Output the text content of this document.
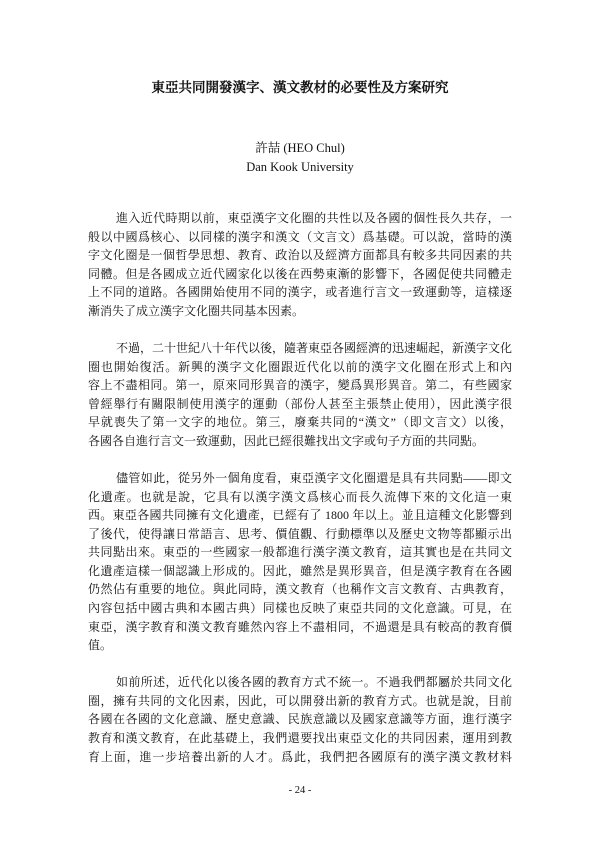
東亞共同開發漢字、漢文教材的必要性及方案研究
許喆 (HEO Chul)
Dan Kook University
進入近代時期以前，東亞漢字文化圈的共性以及各國的個性長久共存，一
般以中國爲核心、以同樣的漢字和漢文（文言文）爲基礎。可以說，當時的漢
字文化圈是一個哲學思想、教育、政治以及經濟方面都具有較多共同因素的共
同體。但是各國成立近代國家化以後在西勢東漸的影響下，各國促使共同體走
上不同的道路。各國開始使用不同的漢字，或者進行言文一致運動等，這樣逐
漸消失了成立漢字文化圈共同基本因素。
不過，二十世紀八十年代以後，隨著東亞各國經濟的迅速崛起，新漢字文化
圈也開始復活。新興的漢字文化圈跟近代化以前的漢字文化圈在形式上和內
容上不盡相同。第一，原來同形異音的漢字，變爲異形異音。第二，有些國家
曾經舉行有關限制使用漢字的運動（部份人甚至主張禁止使用），因此漢字很
早就喪失了第一文字的地位。第三，廢棄共同的“漢文”（即文言文）以後，
各國各自進行言文一致運動，因此已經很難找出文字或句子方面的共同點。
儘管如此，從另外一個角度看，東亞漢字文化圈還是具有共同點——即文
化遺產。也就是說，它具有以漢字漢文爲核心而長久流傳下來的文化這一東
西。東亞各國共同擁有文化遺產，已經有了 1800 年以上。並且這種文化影響到
了後代，使得讓日常語言、思考、價值觀、行動標準以及歷史文物等都顯示出
共同點出來。東亞的一些國家一般都進行漢字漢文教育，這其實也是在共同文
化遺產這樣一個認識上形成的。因此，雖然是異形異音，但是漢字教育在各國
仍然佔有重要的地位。與此同時，漢文教育（也稱作文言文教育、古典教育，
內容包括中國古典和本國古典）同樣也反映了東亞共同的文化意識。可見，在
東亞，漢字教育和漢文教育雖然內容上不盡相同，不過還是具有較高的教育價
值。
如前所述，近代化以後各國的教育方式不統一。不過我們都屬於共同文化
圈，擁有共同的文化因素，因此，可以開發出新的教育方式。也就是說，目前
各國在各國的文化意識、歷史意識、民族意識以及國家意識等方面，進行漢字
教育和漢文教育，在此基礎上，我們還要找出東亞文化的共同因素，運用到教
育上面，進一步培養出新的人才。爲此，我們把各國原有的漢字漢文教材料
- 24 -
